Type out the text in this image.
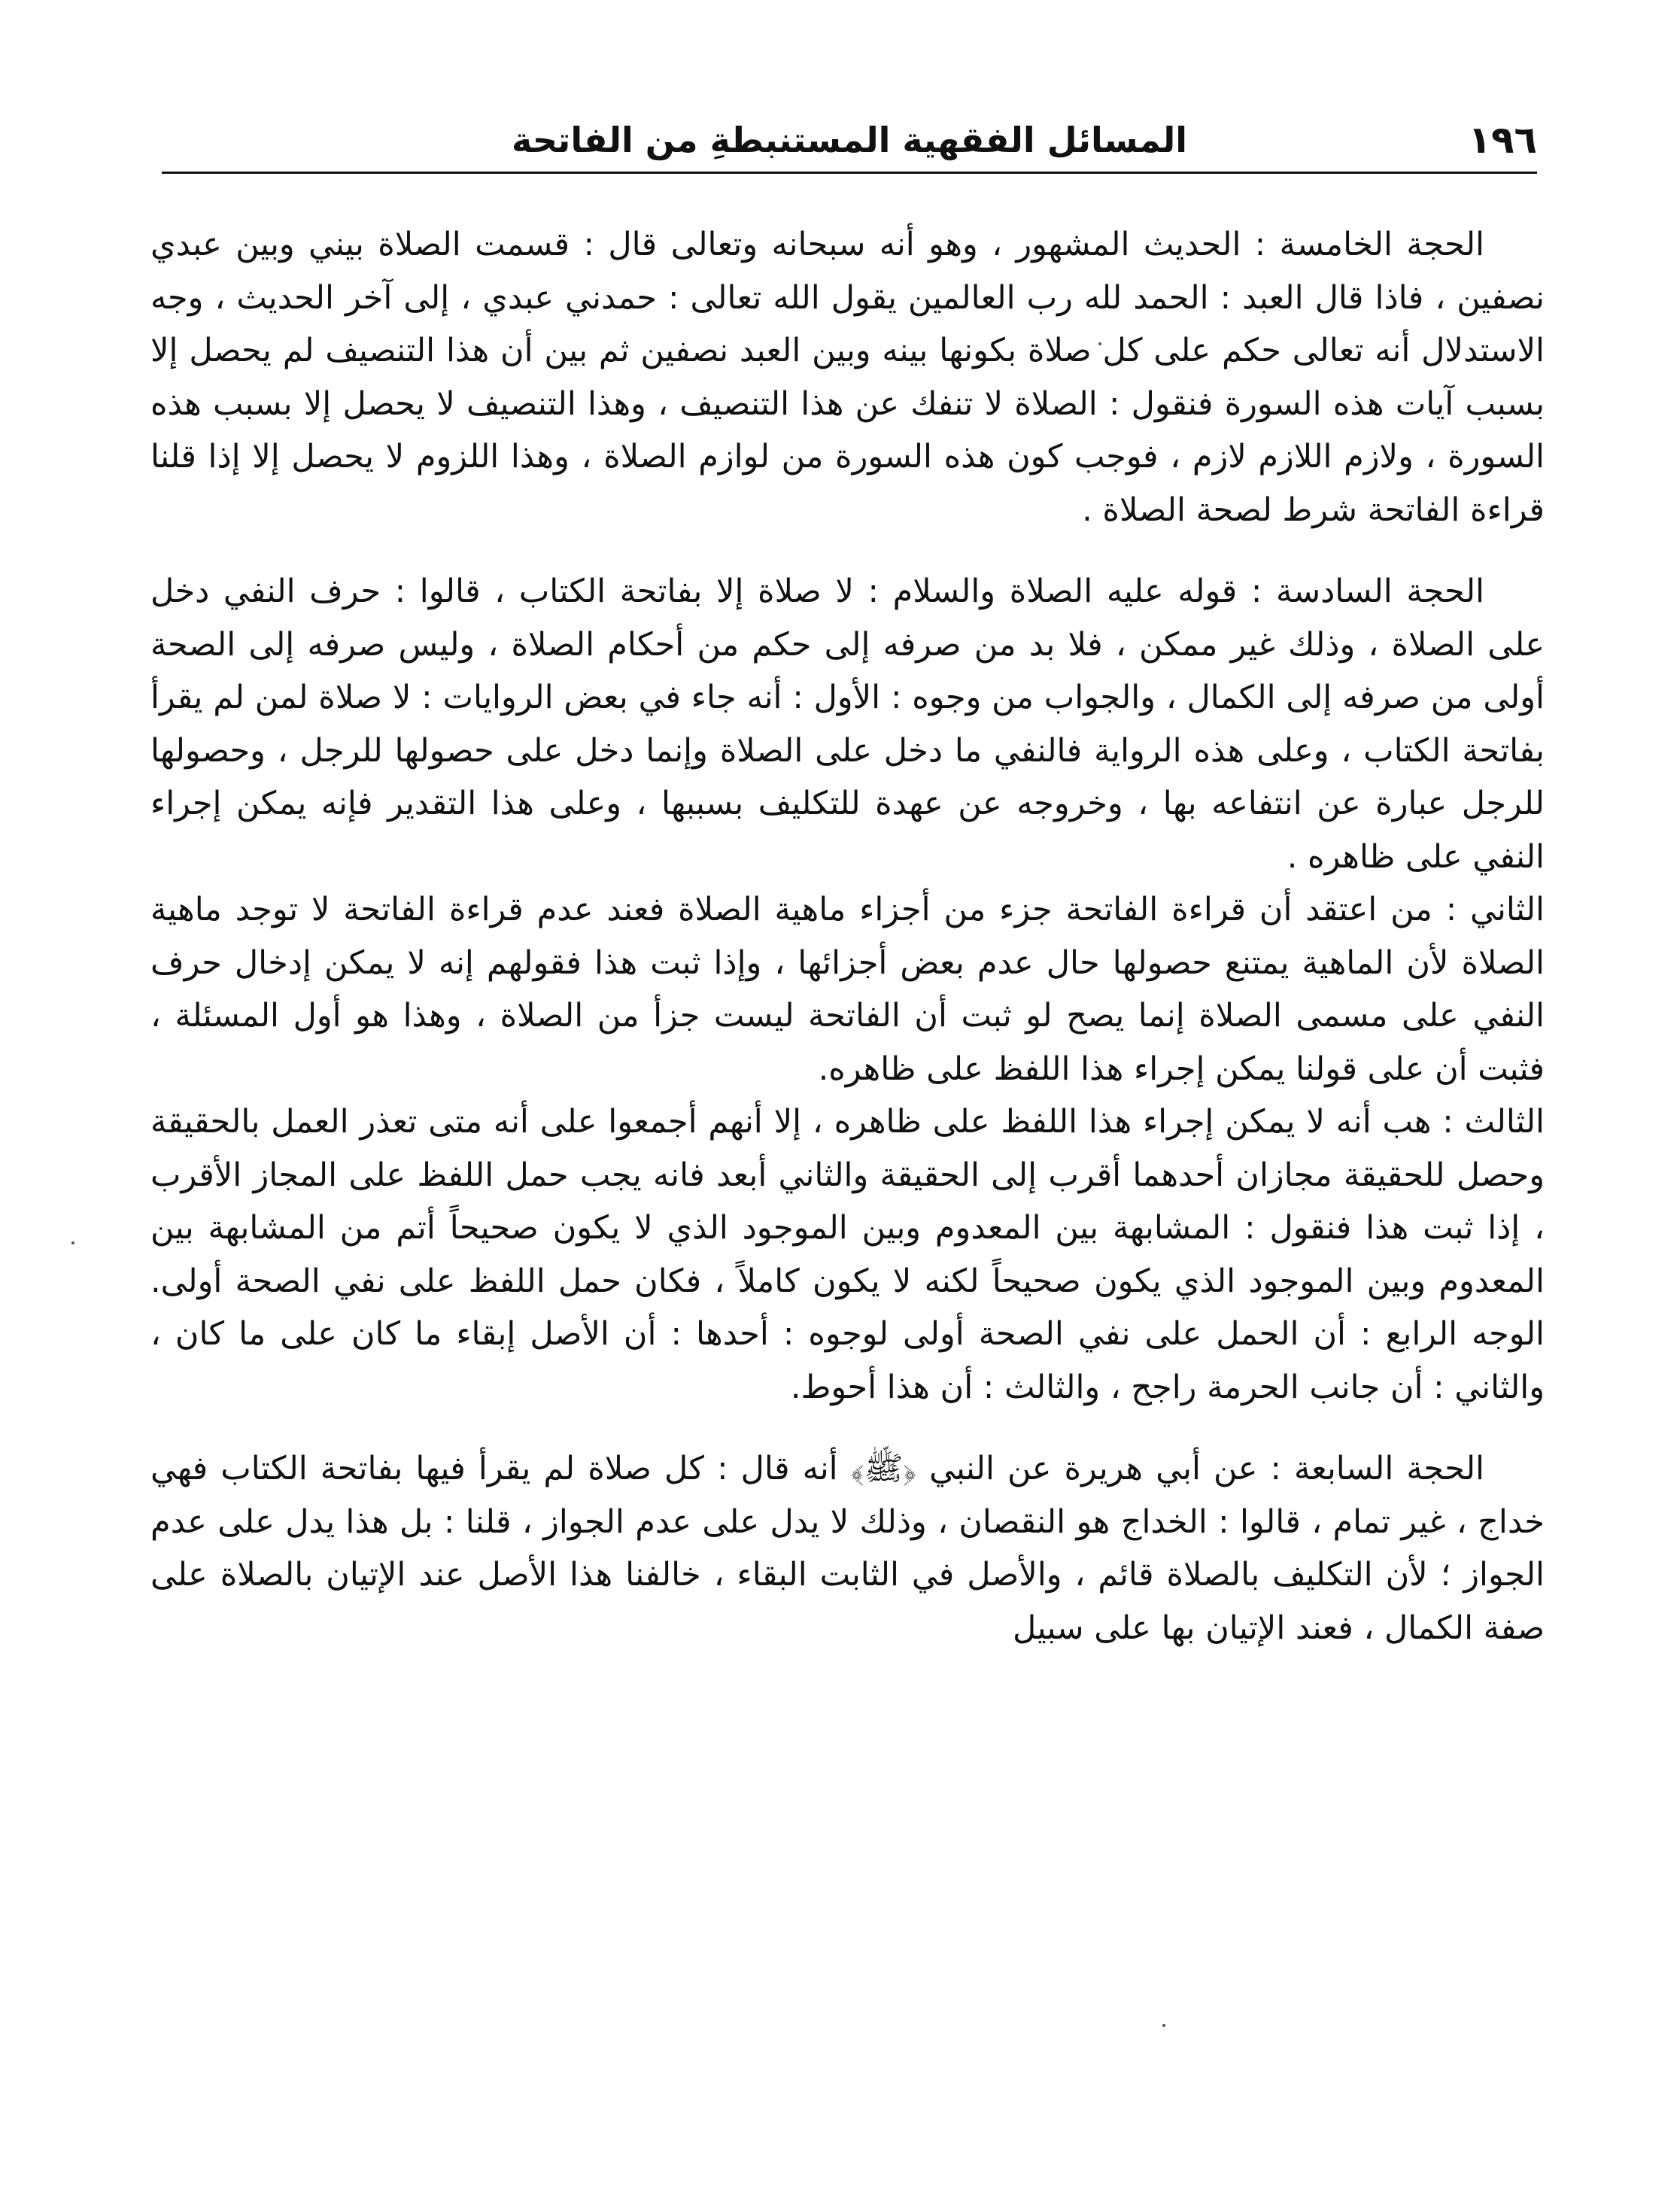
١٩٦
المسائل الفقهية المستنبطةِ من الفاتحة

الحجة الخامسة : الحديث المشهور ، وهو أنه سبحانه وتعالى قال : قسمت الصلاة بيني وبين عبدي نصفين ، فاذا قال العبد : الحمد لله رب العالمين يقول الله تعالى : حمدني عبدي ، إلى آخر الحديث ، وجه الاستدلال أنه تعالى حكم على كل صلاة بكونها بينه وبين العبد نصفين ثم بين أن هذا التنصيف لم يحصل إلا بسبب آيات هذه السورة فنقول : الصلاة لا تنفك عن هذا التنصيف ، وهذا التنصيف لا يحصل إلا بسبب هذه السورة ، ولازم اللازم لازم ، فوجب كون هذه السورة من لوازم الصلاة ، وهذا اللزوم لا يحصل إلا إذا قلنا قراءة الفاتحة شرط لصحة الصلاة .

الحجة السادسة : قوله عليه الصلاة والسلام : لا صلاة إلا بفاتحة الكتاب ، قالوا : حرف النفي دخل على الصلاة ، وذلك غير ممكن ، فلا بد من صرفه إلى حكم من أحكام الصلاة ، وليس صرفه إلى الصحة أولى من صرفه إلى الكمال ، والجواب من وجوه : الأول : أنه جاء في بعض الروايات : لا صلاة لمن لم يقرأ بفاتحة الكتاب ، وعلى هذه الرواية فالنفي ما دخل على الصلاة وإنما دخل على حصولها للرجل ، وحصولها للرجل عبارة عن انتفاعه بها ، وخروجه عن عهدة للتكليف بسببها ، وعلى هذا التقدير فإنه يمكن إجراء النفي على ظاهره .

الثاني : من اعتقد أن قراءة الفاتحة جزء من أجزاء ماهية الصلاة فعند عدم قراءة الفاتحة لا توجد ماهية الصلاة لأن الماهية يمتنع حصولها حال عدم بعض أجزائها ، وإذا ثبت هذا فقولهم إنه لا يمكن إدخال حرف النفي على مسمى الصلاة إنما يصح لو ثبت أن الفاتحة ليست جزأ من الصلاة ، وهذا هو أول المسئلة ، فثبت أن على قولنا يمكن إجراء هذا اللفظ على ظاهره.

الثالث : هب أنه لا يمكن إجراء هذا اللفظ على ظاهره ، إلا أنهم أجمعوا على أنه متى تعذر العمل بالحقيقة وحصل للحقيقة مجازان أحدهما أقرب إلى الحقيقة والثاني أبعد فانه يجب حمل اللفظ على المجاز الأقرب ، إذا ثبت هذا فنقول : المشابهة بين المعدوم وبين الموجود الذي لا يكون صحيحاً أتم من المشابهة بين المعدوم وبين الموجود الذي يكون صحيحاً لكنه لا يكون كاملاً ، فكان حمل اللفظ على نفي الصحة أولى. الوجه الرابع : أن الحمل على نفي الصحة أولى لوجوه : أحدها : أن الأصل إبقاء ما كان على ما كان ، والثاني : أن جانب الحرمة راجح ، والثالث : أن هذا أحوط.

الحجة السابعة : عن أبي هريرة عن النبي ﴿ﷺ﴾ أنه قال : كل صلاة لم يقرأ فيها بفاتحة الكتاب فهي خداج ، غير تمام ، قالوا : الخداج هو النقصان ، وذلك لا يدل على عدم الجواز ، قلنا : بل هذا يدل على عدم الجواز ؛ لأن التكليف بالصلاة قائم ، والأصل في الثابت البقاء ، خالفنا هذا الأصل عند الإتيان بالصلاة على صفة الكمال ، فعند الإتيان بها على سبيل
